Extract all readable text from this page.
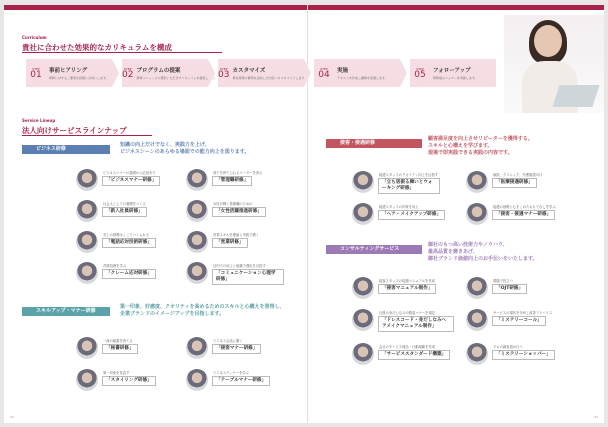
Curriculum
貴社に合わせた効果的なカリキュラムを構成
STEP
01	事前ヒアリング
研修に対するご要望を詳細にお伺いします。
STEP
02 プログラムの提案
研修メニューより選択いただきカリキュラムを提案します。
STEP
03 カスタマイズ
貴社業務の事例を反映した内容へカスタマイズします。
STEP
04	実施
テキストを作成し講師を派遣します。
STEP
05	フォローアップ
研修後のフォローを実施します。
Service Lineup
法人向けサービスラインナップ
ビジネス研修
知識の向上だけでなく、実践力を上げ、
ビジネスシーンのあらゆる場面での能力向上を図ります。
ビジネスマナーの基礎から応用まで
「ビジネスマナー研修」
部下を育てられるリーダーを育む
「管理職研修」
社会人としての基礎をつくる
「新入社員研修」
女性が輝く管理職のための
「女性活躍推進研修」
売上の基礎はここでつくられる
「電話応対技術研修」
営業スキルを理論と実践で磨く
「営業研修」
苦情処理を学ぶ
「クレーム応対研修」
社内での向上と組織力強化を目指す
「コミュニケーション心理学研修」
スキルアップ・マナー研修
第一印象、好感度、クオリティを高めるためのスキルと心構えを習得し、
企業ブランドのイメージアップを目指します。
一流の秘書を育てる
「秘書研修」
ビジネス会話に磨く
「接客マナー研修」
第一印象を見直す
「スタイリング研修」
ビジネスディナーを学ぶ
「テーブルマナー研修」
接客・接遇研修
顧客満足度を向上させリピーターを獲得する。
スキルと心構えを学びます。
現場で即実践できる実践の内容です。
接遇スタッフのクオリティ向上を目指す
「立ち居振る舞いとウォーキング研修」
病院、クリニック、介護施設向け
「医療接遇研修」
接遇スタッフの印象を向上
「ヘア・メイクアップ研修」
接遇の基礎と心をこめたおもてなしを学ぶ
「接客・接遇マナー研修」
コンサルティングサービス
御社のもつ高い技術力やノウハウ、
最高品質を磨きあげ、
御社ブランド価値向上のお手伝いをいたします。
接客スタッフの接遇マニュアルを作成
「接客マニュアル制作」
現場で役立つ
「OJT研修」
社員の身だしなみや服装マナーを規定
「ドレスコード・身だしなみヘアメイクマニュアル制作」
サービスの現状を分析し改善アドバイス
「ミステリーコール」
会社のサービス理念・行動規範を作成
「サービススタンダード構築」
プロの調査員が行う
「ミステリーショッパー」
43	44
